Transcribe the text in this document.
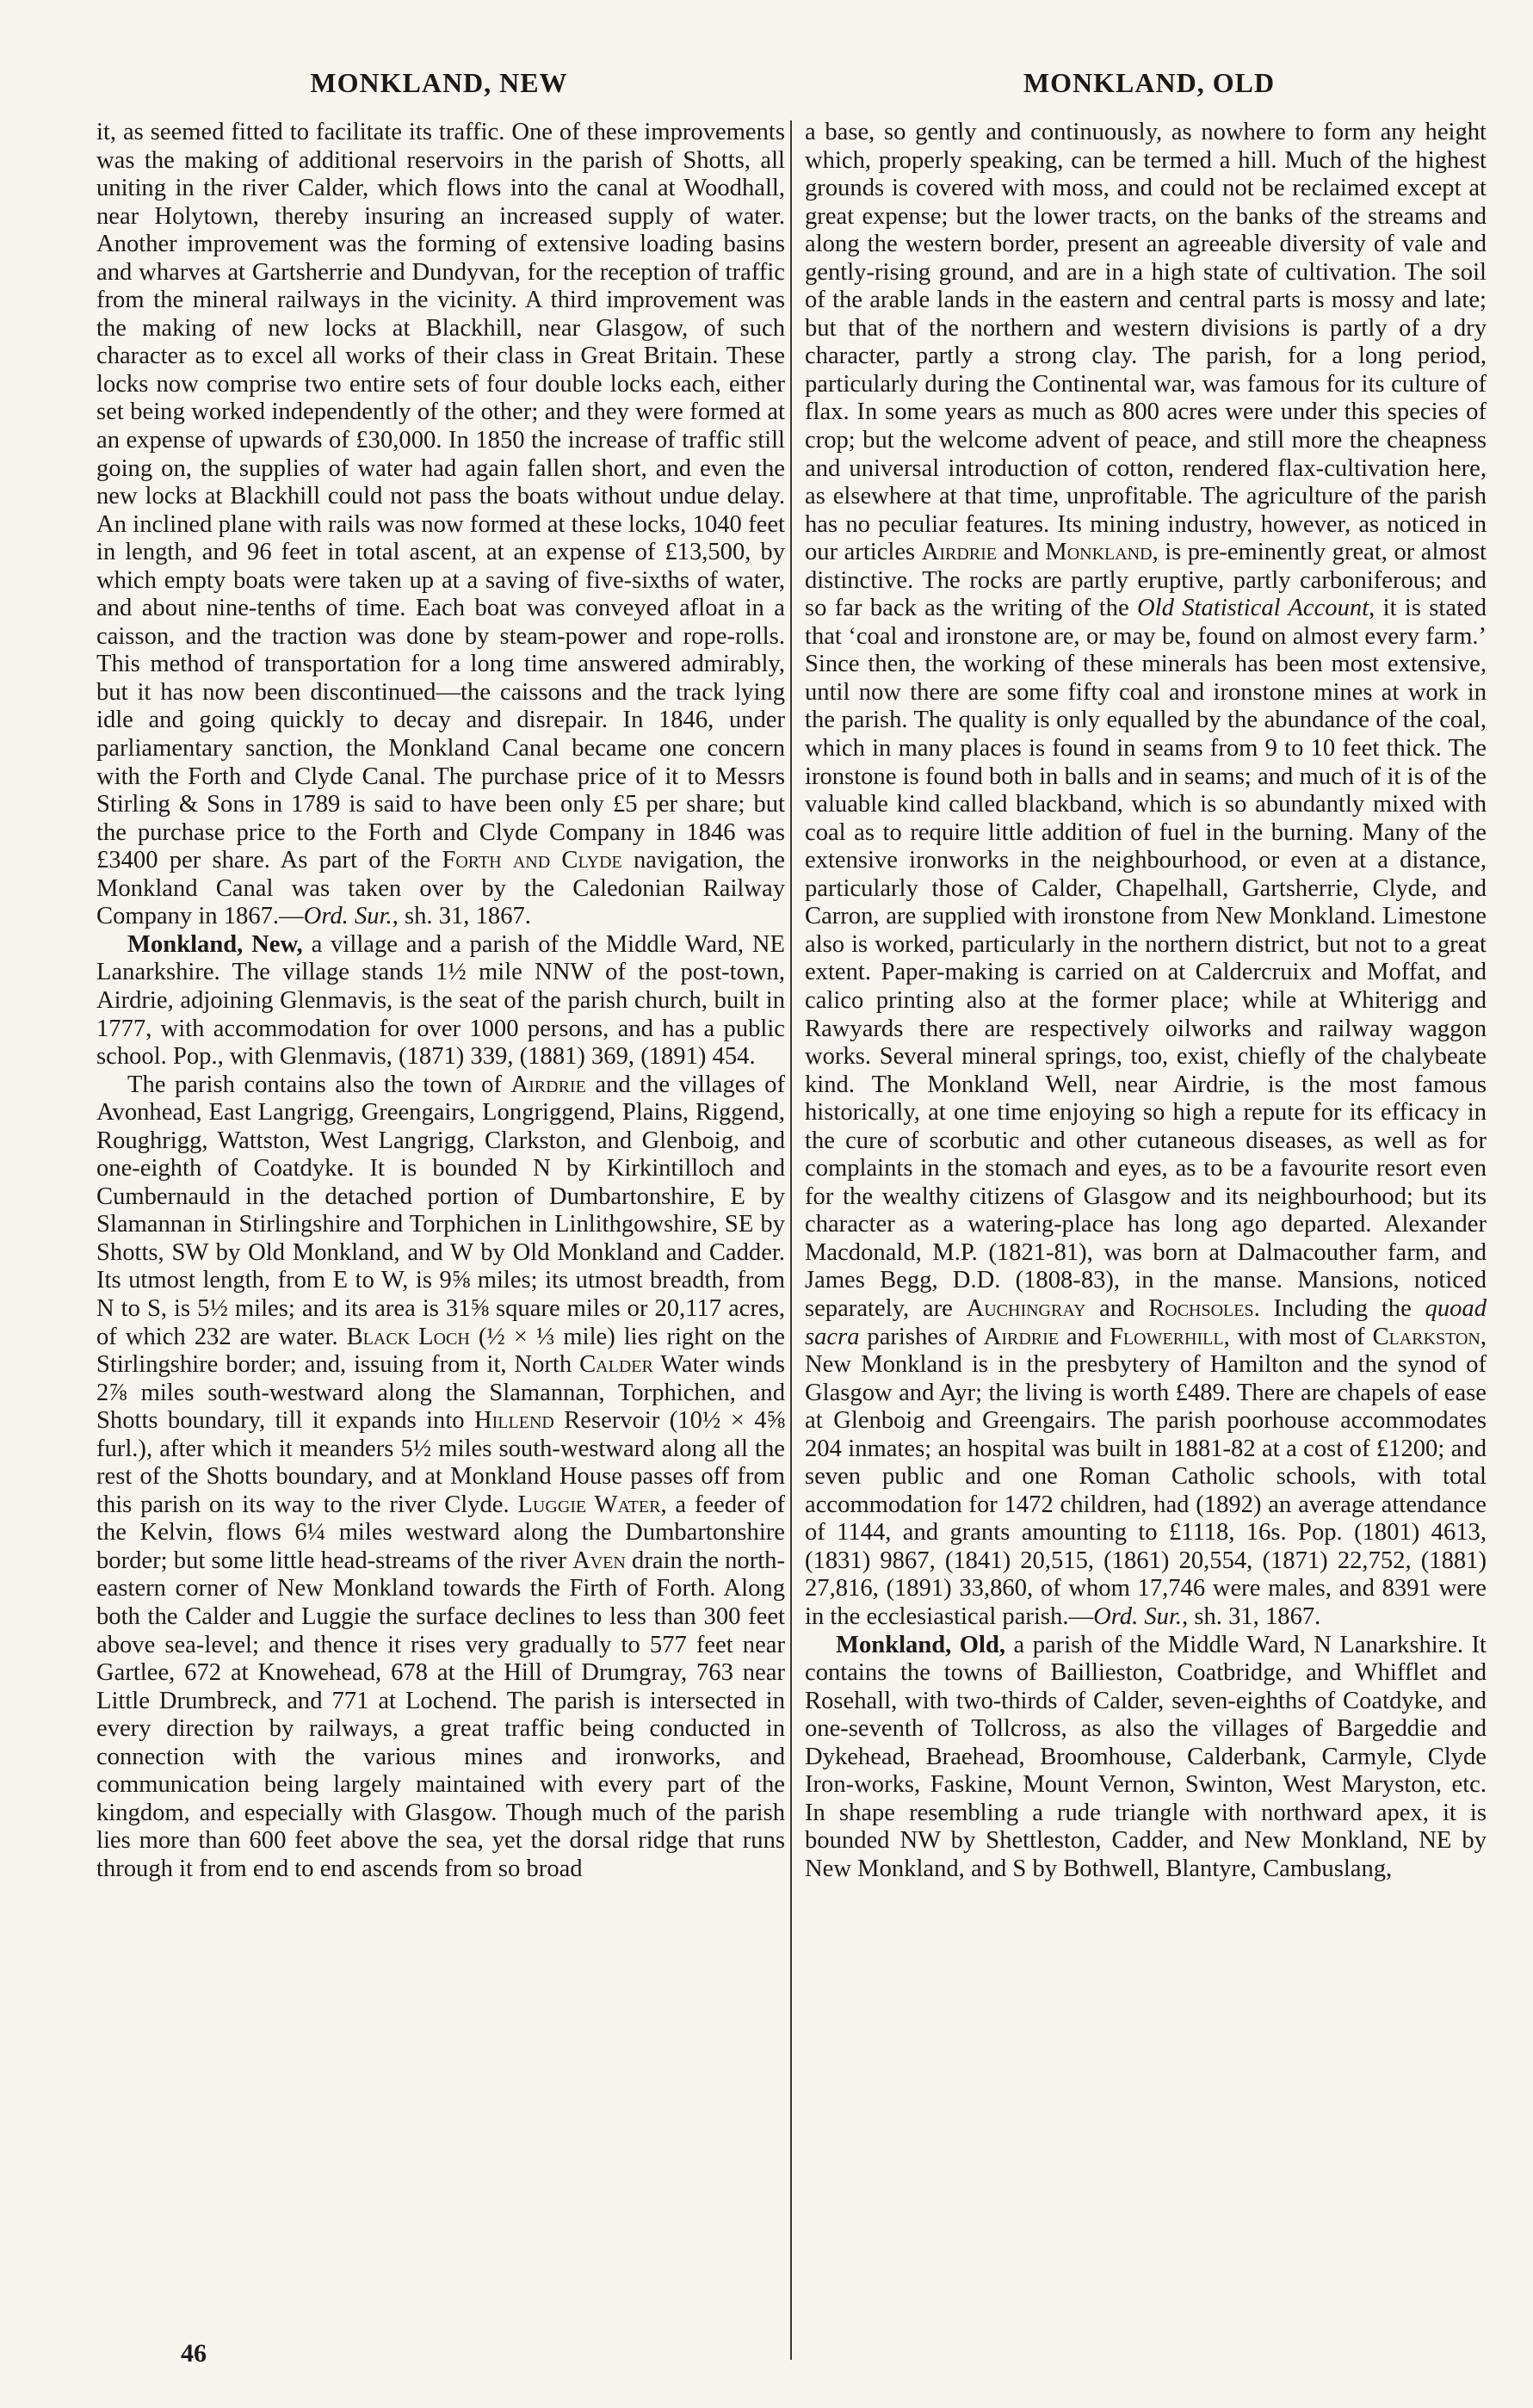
MONKLAND, NEW	MONKLAND, OLD

it, as seemed fitted to facilitate its traffic. One of these improvements was the making of additional reservoirs in the parish of Shotts, all uniting in the river Calder, which flows into the canal at Woodhall, near Holytown, thereby insuring an increased supply of water. Another improvement was the forming of extensive loading basins and wharves at Gartsherrie and Dundyvan, for the reception of traffic from the mineral railways in the vicinity. A third improvement was the making of new locks at Blackhill, near Glasgow, of such character as to excel all works of their class in Great Britain. These locks now comprise two entire sets of four double locks each, either set being worked independently of the other; and they were formed at an expense of upwards of £30,000. In 1850 the increase of traffic still going on, the supplies of water had again fallen short, and even the new locks at Blackhill could not pass the boats without undue delay. An inclined plane with rails was now formed at these locks, 1040 feet in length, and 96 feet in total ascent, at an expense of £13,500, by which empty boats were taken up at a saving of five-sixths of water, and about nine-tenths of time. Each boat was conveyed afloat in a caisson, and the traction was done by steam-power and rope-rolls. This method of transportation for a long time answered admirably, but it has now been discontinued—the caissons and the track lying idle and going quickly to decay and disrepair. In 1846, under parliamentary sanction, the Monkland Canal became one concern with the Forth and Clyde Canal. The purchase price of it to Messrs Stirling & Sons in 1789 is said to have been only £5 per share; but the purchase price to the Forth and Clyde Company in 1846 was £3400 per share. As part of the Forth and Clyde navigation, the Monkland Canal was taken over by the Caledonian Railway Company in 1867.—Ord. Sur., sh. 31, 1867.

Monkland, New, a village and a parish of the Middle Ward, NE Lanarkshire. The village stands 1½ mile NNW of the post-town, Airdrie, adjoining Glenmavis, is the seat of the parish church, built in 1777, with accommodation for over 1000 persons, and has a public school. Pop., with Glenmavis, (1871) 339, (1881) 369, (1891) 454.

The parish contains also the town of Airdrie and the villages of Avonhead, East Langrigg, Greengairs, Longriggend, Plains, Riggend, Roughrigg, Wattston, West Langrigg, Clarkston, and Glenboig, and one-eighth of Coatdyke. It is bounded N by Kirkintilloch and Cumbernauld in the detached portion of Dumbartonshire, E by Slamannan in Stirlingshire and Torphichen in Linlithgowshire, SE by Shotts, SW by Old Monkland, and W by Old Monkland and Cadder. Its utmost length, from E to W, is 9⅝ miles; its utmost breadth, from N to S, is 5½ miles; and its area is 31⅝ square miles or 20,117 acres, of which 232 are water. Black Loch (½ × ⅓ mile) lies right on the Stirlingshire border; and, issuing from it, North Calder Water winds 2⅞ miles south-westward along the Slamannan, Torphichen, and Shotts boundary, till it expands into Hillend Reservoir (10½ × 4⅝ furl.), after which it meanders 5½ miles south-westward along all the rest of the Shotts boundary, and at Monkland House passes off from this parish on its way to the river Clyde. Luggie Water, a feeder of the Kelvin, flows 6¼ miles westward along the Dumbartonshire border; but some little head-streams of the river Aven drain the north-eastern corner of New Monkland towards the Firth of Forth. Along both the Calder and Luggie the surface declines to less than 300 feet above sea-level; and thence it rises very gradually to 577 feet near Gartlee, 672 at Knowehead, 678 at the Hill of Drumgray, 763 near Little Drumbreck, and 771 at Lochend. The parish is intersected in every direction by railways, a great traffic being conducted in connection with the various mines and ironworks, and communication being largely maintained with every part of the kingdom, and especially with Glasgow. Though much of the parish lies more than 600 feet above the sea, yet the dorsal ridge that runs through it from end to end ascends from so broad

a base, so gently and continuously, as nowhere to form any height which, properly speaking, can be termed a hill. Much of the highest grounds is covered with moss, and could not be reclaimed except at great expense; but the lower tracts, on the banks of the streams and along the western border, present an agreeable diversity of vale and gently-rising ground, and are in a high state of cultivation. The soil of the arable lands in the eastern and central parts is mossy and late; but that of the northern and western divisions is partly of a dry character, partly a strong clay. The parish, for a long period, particularly during the Continental war, was famous for its culture of flax. In some years as much as 800 acres were under this species of crop; but the welcome advent of peace, and still more the cheapness and universal introduction of cotton, rendered flax-cultivation here, as elsewhere at that time, unprofitable. The agriculture of the parish has no peculiar features. Its mining industry, however, as noticed in our articles Airdrie and Monkland, is pre-eminently great, or almost distinctive. The rocks are partly eruptive, partly carboniferous; and so far back as the writing of the Old Statistical Account, it is stated that ‘coal and ironstone are, or may be, found on almost every farm.’ Since then, the working of these minerals has been most extensive, until now there are some fifty coal and ironstone mines at work in the parish. The quality is only equalled by the abundance of the coal, which in many places is found in seams from 9 to 10 feet thick. The ironstone is found both in balls and in seams; and much of it is of the valuable kind called blackband, which is so abundantly mixed with coal as to require little addition of fuel in the burning. Many of the extensive ironworks in the neighbourhood, or even at a distance, particularly those of Calder, Chapelhall, Gartsherrie, Clyde, and Carron, are supplied with ironstone from New Monkland. Limestone also is worked, particularly in the northern district, but not to a great extent. Paper-making is carried on at Caldercruix and Moffat, and calico printing also at the former place; while at Whiterigg and Rawyards there are respectively oilworks and railway waggon works. Several mineral springs, too, exist, chiefly of the chalybeate kind. The Monkland Well, near Airdrie, is the most famous historically, at one time enjoying so high a repute for its efficacy in the cure of scorbutic and other cutaneous diseases, as well as for complaints in the stomach and eyes, as to be a favourite resort even for the wealthy citizens of Glasgow and its neighbourhood; but its character as a watering-place has long ago departed. Alexander Macdonald, M.P. (1821-81), was born at Dalmacouther farm, and James Begg, D.D. (1808-83), in the manse. Mansions, noticed separately, are Auchingray and Rochsoles. Including the quoad sacra parishes of Airdrie and Flowerhill, with most of Clarkston, New Monkland is in the presbytery of Hamilton and the synod of Glasgow and Ayr; the living is worth £489. There are chapels of ease at Glenboig and Greengairs. The parish poorhouse accommodates 204 inmates; an hospital was built in 1881-82 at a cost of £1200; and seven public and one Roman Catholic schools, with total accommodation for 1472 children, had (1892) an average attendance of 1144, and grants amounting to £1118, 16s. Pop. (1801) 4613, (1831) 9867, (1841) 20,515, (1861) 20,554, (1871) 22,752, (1881) 27,816, (1891) 33,860, of whom 17,746 were males, and 8391 were in the ecclesiastical parish.—Ord. Sur., sh. 31, 1867.

Monkland, Old, a parish of the Middle Ward, N Lanarkshire. It contains the towns of Baillieston, Coatbridge, and Whifflet and Rosehall, with two-thirds of Calder, seven-eighths of Coatdyke, and one-seventh of Tollcross, as also the villages of Bargeddie and Dykehead, Braehead, Broomhouse, Calderbank, Carmyle, Clyde Iron-works, Faskine, Mount Vernon, Swinton, West Maryston, etc. In shape resembling a rude triangle with northward apex, it is bounded NW by Shettleston, Cadder, and New Monkland, NE by New Monkland, and S by Bothwell, Blantyre, Cambuslang,

46
